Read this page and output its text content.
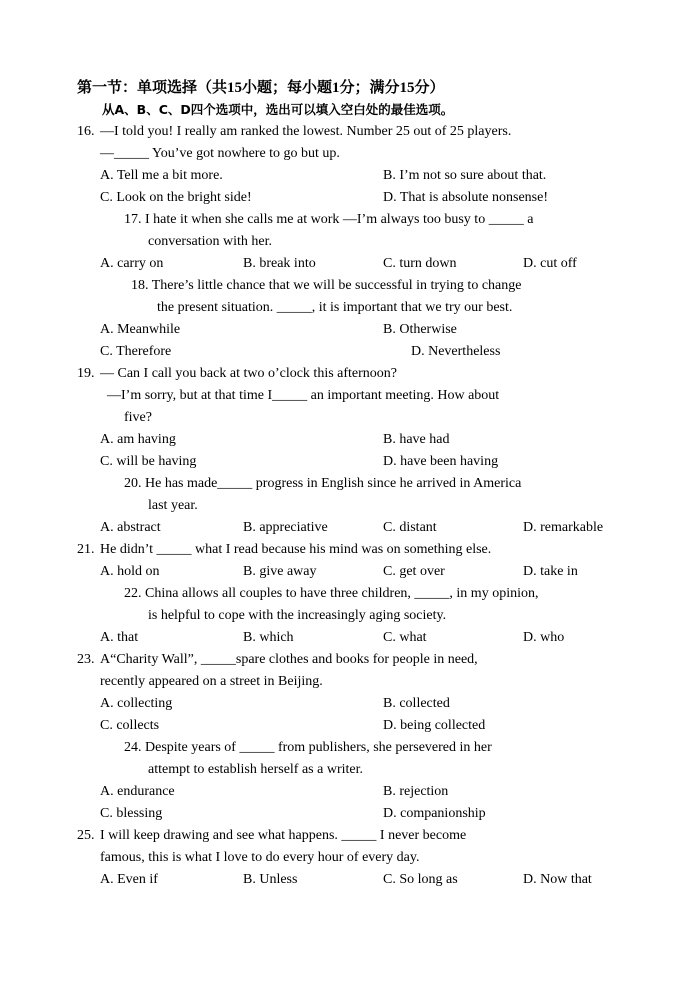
第一节：单项选择（共15小题；每小题1分；满分15分）
从A、B、C、D四个选项中，选出可以填入空白处的最佳选项。
16. —I told you! I really am ranked the lowest. Number 25 out of 25 players.
—_____ You’ve got nowhere to go but up.
A. Tell me a bit more.	B. I’m not so sure about that.
C. Look on the bright side!	D. That is absolute nonsense!
17. I hate it when she calls me at work —I’m always too busy to _____ a
conversation with her.
A. carry on	B. break into	C. turn down	D. cut off
18. There’s little chance that we will be successful in trying to change
the present situation. _____, it is important that we try our best.
A. Meanwhile	B. Otherwise
C. Therefore	D. Nevertheless
19. — Can I call you back at two o’clock this afternoon?
—I’m sorry, but at that time I_____ an important meeting. How about
five?
A. am having	B. have had
C. will be having	D. have been having
20. He has made_____ progress in English since he arrived in America
last year.
A. abstract	B. appreciative	C. distant	D. remarkable
21. He didn’t _____ what I read because his mind was on something else.
A. hold on	B. give away	C. get over	D. take in
22. China allows all couples to have three children, _____, in my opinion,
is helpful to cope with the increasingly aging society.
A. that	B. which	C. what	D. who
23. A“Charity Wall”, _____spare clothes and books for people in need,
recently appeared on a street in Beijing.
A. collecting	B. collected
C. collects	D. being collected
24. Despite years of _____ from publishers, she persevered in her
attempt to establish herself as a writer.
A. endurance	B. rejection
C. blessing	D. companionship
25. I will keep drawing and see what happens. _____ I never become
famous, this is what I love to do every hour of every day.
A. Even if	B. Unless	C. So long as	D. Now that
